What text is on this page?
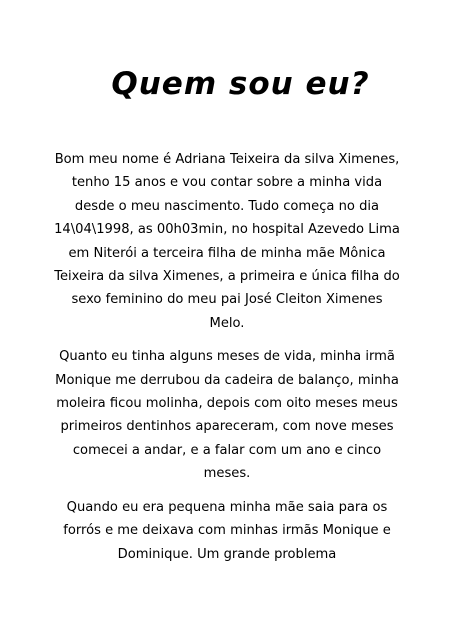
Quem sou eu?

Bom meu nome é Adriana Teixeira da silva Ximenes, tenho 15 anos e vou contar sobre a minha vida desde o meu nascimento. Tudo começa no dia 14\04\1998, as 00h03min, no hospital Azevedo Lima em Niterói a terceira filha de minha mãe Mônica Teixeira da silva Ximenes, a primeira e única filha do sexo feminino do meu pai José Cleiton Ximenes Melo.

Quanto eu tinha alguns meses de vida, minha irmã Monique me derrubou da cadeira de balanço, minha moleira ficou molinha, depois com oito meses meus primeiros dentinhos apareceram, com nove meses comecei a andar, e a falar com um ano e cinco meses.

Quando eu era pequena minha mãe saia para os forrós e me deixava com minhas irmãs Monique e Dominique. Um grande problema
